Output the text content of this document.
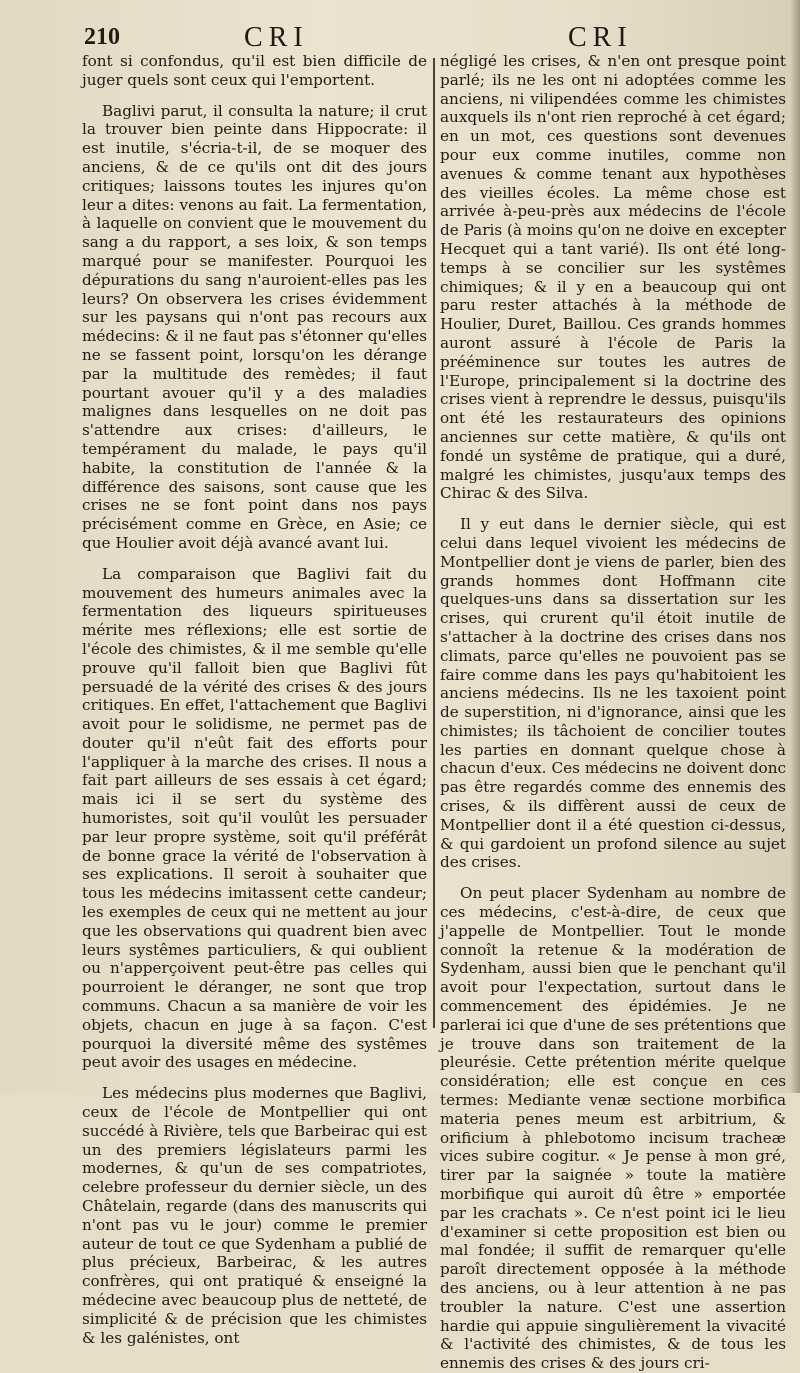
210	CRI	CRI

font si confondus, qu'il est bien difficile de juger quels sont ceux qui l'emportent.

Baglivi parut, il consulta la nature; il crut la trouver bien peinte dans Hippocrate: il est inutile, s'écria-t-il, de se moquer des anciens, & de ce qu'ils ont dit des jours critiques; laissons toutes les injures qu'on leur a dites: venons au fait. La fermentation, à laquelle on convient que le mouvement du sang a du rapport, a ses loix, & son temps marqué pour se manifester. Pourquoi les dépurations du sang n'auroient-elles pas les leurs? On observera les crises évidemment sur les paysans qui n'ont pas recours aux médecins: & il ne faut pas s'étonner qu'elles ne se fassent point, lorsqu'on les dérange par la multitude des remèdes; il faut pourtant avouer qu'il y a des maladies malignes dans lesquelles on ne doit pas s'attendre aux crises: d'ailleurs, le tempérament du malade, le pays qu'il habite, la constitution de l'année & la différence des saisons, sont cause que les crises ne se font point dans nos pays précisément comme en Grèce, en Asie; ce que Houlier avoit déjà avancé avant lui.

La comparaison que Baglivi fait du mouvement des humeurs animales avec la fermentation des liqueurs spiritueuses mérite mes réflexions; elle est sortie de l'école des chimistes, & il me semble qu'elle prouve qu'il falloit bien que Baglivi fût persuadé de la vérité des crises & des jours critiques. En effet, l'attachement que Baglivi avoit pour le solidisme, ne permet pas de douter qu'il n'eût fait des efforts pour l'appliquer à la marche des crises. Il nous a fait part ailleurs de ses essais à cet égard; mais ici il se sert du système des humoristes, soit qu'il voulût les persuader par leur propre système, soit qu'il préférât de bonne grace la vérité de l'observation à ses explications. Il seroit à souhaiter que tous les médecins imitassent cette candeur; les exemples de ceux qui ne mettent au jour que les observations qui quadrent bien avec leurs systêmes particuliers, & qui oublient ou n'apperçoivent peut-être pas celles qui pourroient le déranger, ne sont que trop communs. Chacun a sa manière de voir les objets, chacun en juge à sa façon. C'est pourquoi la diversité même des systêmes peut avoir des usages en médecine.

Les médecins plus modernes que Baglivi, ceux de l'école de Montpellier qui ont succédé à Rivière, tels que Barbeirac qui est un des premiers législateurs parmi les modernes, & qu'un de ses compatriotes, celebre professeur du dernier siècle, un des Châtelain, regarde (dans des manuscrits qui n'ont pas vu le jour) comme le premier auteur de tout ce que Sydenham a publié de plus précieux, Barbeirac, & les autres confrères, qui ont pratiqué & enseigné la médecine avec beaucoup plus de netteté, de simplicité & de précision que les chimistes & les galénistes, ont

négligé les crises, & n'en ont presque point parlé; ils ne les ont ni adoptées comme les anciens, ni vilipendées comme les chimistes auxquels ils n'ont rien reproché à cet égard; en un mot, ces questions sont devenues pour eux comme inutiles, comme non avenues & comme tenant aux hypothèses des vieilles écoles. La même chose est arrivée à-peu-près aux médecins de l'école de Paris (à moins qu'on ne doive en excepter Hecquet qui a tant varié). Ils ont été long-temps à se concilier sur les systêmes chimiques; & il y en a beaucoup qui ont paru rester attachés à la méthode de Houlier, Duret, Baillou. Ces grands hommes auront assuré à l'école de Paris la prééminence sur toutes les autres de l'Europe, principalement si la doctrine des crises vient à reprendre le dessus, puisqu'ils ont été les restaurateurs des opinions anciennes sur cette matière, & qu'ils ont fondé un systême de pratique, qui a duré, malgré les chimistes, jusqu'aux temps des Chirac & des Silva.

Il y eut dans le dernier siècle, qui est celui dans lequel vivoient les médecins de Montpellier dont je viens de parler, bien des grands hommes dont Hoffmann cite quelques-uns dans sa dissertation sur les crises, qui crurent qu'il étoit inutile de s'attacher à la doctrine des crises dans nos climats, parce qu'elles ne pouvoient pas se faire comme dans les pays qu'habitoient les anciens médecins. Ils ne les taxoient point de superstition, ni d'ignorance, ainsi que les chimistes; ils tâchoient de concilier toutes les parties en donnant quelque chose à chacun d'eux. Ces médecins ne doivent donc pas être regardés comme des ennemis des crises, & ils diffèrent aussi de ceux de Montpellier dont il a été question ci-dessus, & qui gardoient un profond silence au sujet des crises.

On peut placer Sydenham au nombre de ces médecins, c'est-à-dire, de ceux que j'appelle de Montpellier. Tout le monde connoît la retenue & la modération de Sydenham, aussi bien que le penchant qu'il avoit pour l'expectation, surtout dans le commencement des épidémies. Je ne parlerai ici que d'une de ses prétentions que je trouve dans son traitement de la pleurésie. Cette prétention mérite quelque considération; elle est conçue en ces termes: Mediante venæ sectione morbifica materia penes meum est arbitrium, & orificium à phlebotomo incisum tracheæ vices subire cogitur. « Je pense à mon gré, tirer par la saignée » toute la matière morbifique qui auroit dû être » emportée par les crachats ». Ce n'est point ici le lieu d'examiner si cette proposition est bien ou mal fondée; il suffit de remarquer qu'elle paroît directement opposée à la méthode des anciens, ou à leur attention à ne pas troubler la nature. C'est une assertion hardie qui appuie singulièrement la vivacité & l'activité des chimistes, & de tous les ennemis des crises & des jours cri-
